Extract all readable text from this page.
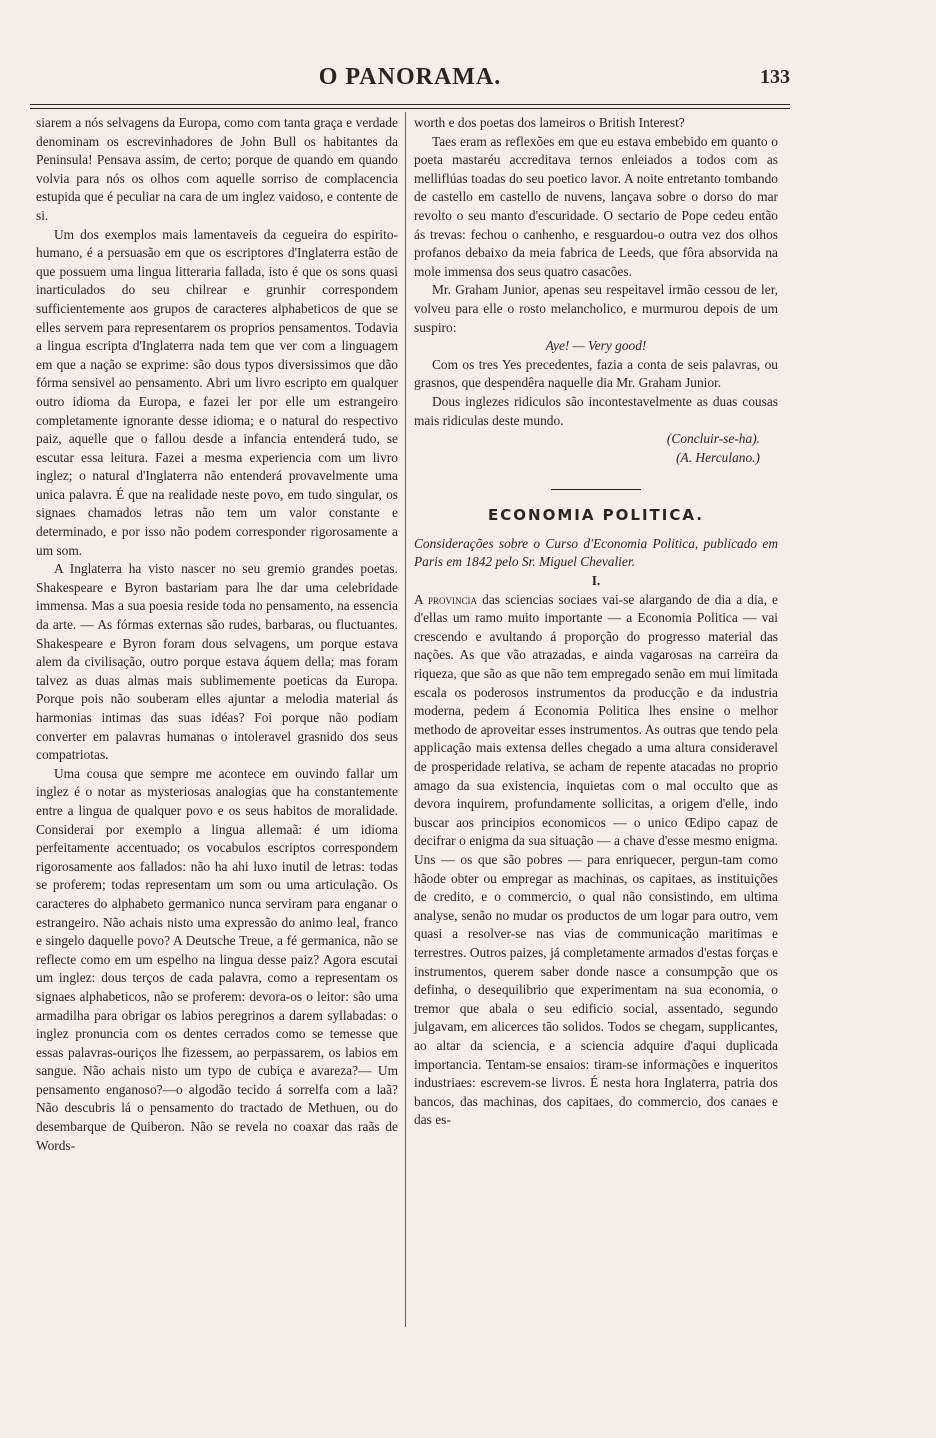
O PANORAMA.	133

siarem a nós selvagens da Europa, como com tanta graça e verdade denominam os escrevinhadores de John Bull os habitantes da Peninsula! Pensava assim, de certo; porque de quando em quando volvia para nós os olhos com aquelle sorriso de complacencia estupida que é peculiar na cara de um inglez vaidoso, e contente de si.

Um dos exemplos mais lamentaveis da cegueira do espirito-humano, é a persuasão em que os escriptores d'Inglaterra estão de que possuem uma lingua litteraria fallada, isto é que os sons quasi inarticulados do seu chilrear e grunhir correspondem sufficientemente aos grupos de caracteres alphabeticos de que se elles servem para representarem os proprios pensamentos. Todavia a lingua escripta d'Inglaterra nada tem que ver com a linguagem em que a nação se exprime: são dous typos diversissimos que dão fórma sensivel ao pensamento. Abri um livro escripto em qualquer outro idioma da Europa, e fazei ler por elle um estrangeiro completamente ignorante desse idioma; e o natural do respectivo paiz, aquelle que o fallou desde a infancia entenderá tudo, se escutar essa leitura. Fazei a mesma experiencia com um livro inglez; o natural d'Inglaterra não entenderá provavelmente uma unica palavra. É que na realidade neste povo, em tudo singular, os signaes chamados letras não tem um valor constante e determinado, e por isso não podem corresponder rigorosamente a um som.

A Inglaterra ha visto nascer no seu gremio grandes poetas. Shakespeare e Byron bastariam para lhe dar uma celebridade immensa. Mas a sua poesia reside toda no pensamento, na essencia da arte. — As fórmas externas são rudes, barbaras, ou fluctuantes. Shakespeare e Byron foram dous selvagens, um porque estava alem da civilisação, outro porque estava áquem della; mas foram talvez as duas almas mais sublimemente poeticas da Europa. Porque pois não souberam elles ajuntar a melodia material ás harmonias intimas das suas idéas? Foi porque não podiam converter em palavras humanas o intoleravel grasnido dos seus compatriotas.

Uma cousa que sempre me acontece em ouvindo fallar um inglez é o notar as mysteriosas analogias que ha constantemente entre a lingua de qualquer povo e os seus habitos de moralidade. Considerai por exemplo a lingua allemaã: é um idioma perfeitamente accentuado; os vocabulos escriptos correspondem rigorosamente aos fallados: não ha ahi luxo inutil de letras: todas se proferem; todas representam um som ou uma articulação. Os caracteres do alphabeto germanico nunca serviram para enganar o estrangeiro. Não achais nisto uma expressão do animo leal, franco e singelo daquelle povo? A Deutsche Treue, a fé germanica, não se reflecte como em um espelho na lingua desse paiz? Agora escutai um inglez: dous terços de cada palavra, como a representam os signaes alphabeticos, não se proferem: devora-os o leitor: são uma armadilha para obrigar os labios peregrinos a darem syllabadas: o inglez pronuncia com os dentes cerrados como se temesse que essas palavras-ouriços lhe fizessem, ao perpassarem, os labios em sangue. Não achais nisto um typo de cubiça e avareza?— Um pensamento enganoso?—o algodão tecido á sorrelfa com a laã? Não descubris lá o pensamento do tractado de Methuen, ou do desembarque de Quiberon. Não se revela no coaxar das raãs de Words-

worth e dos poetas dos lameiros o British Interest?

Taes eram as reflexões em que eu estava embebido em quanto o poeta mastaréu accreditava ternos enleiados a todos com as melliflúas toadas do seu poetico lavor. A noite entretanto tombando de castello em castello de nuvens, lançava sobre o dorso do mar revolto o seu manto d'escuridade. O sectario de Pope cedeu então ás trevas: fechou o canhenho, e resguardou-o outra vez dos olhos profanos debaixo da meia fabrica de Leeds, que fôra absorvida na mole immensa dos seus quatro casacões.

Mr. Graham Junior, apenas seu respeitavel irmão cessou de ler, volveu para elle o rosto melancholico, e murmurou depois de um suspiro:

Aye! — Very good!

Com os tres Yes precedentes, fazia a conta de seis palavras, ou grasnos, que despendêra naquelle dia Mr. Graham Junior.

Dous inglezes ridiculos são incontestavelmente as duas cousas mais ridiculas deste mundo.

(Concluir-se-ha).

(A. Herculano.)

ECONOMIA POLITICA.

Considerações sobre o Curso d'Economia Politica, publicado em Paris em 1842 pelo Sr. Miguel Chevalier.

I.

A provincia das sciencias sociaes vai-se alargando de dia a dia, e d'ellas um ramo muito importante — a Economia Politica — vai crescendo e avultando á proporção do progresso material das nações. As que vão atrazadas, e ainda vagarosas na carreira da riqueza, que são as que não tem empregado senão em mui limitada escala os poderosos instrumentos da producção e da industria moderna, pedem á Economia Politica lhes ensine o melhor methodo de aproveitar esses instrumentos. As outras que tendo pela applicação mais extensa delles chegado a uma altura consideravel de prosperidade relativa, se acham de repente atacadas no proprio amago da sua existencia, inquietas com o mal occulto que as devora inquirem, profundamente sollicitas, a origem d'elle, indo buscar aos principios economicos — o unico Œdipo capaz de decifrar o enigma da sua situação — a chave d'esse mesmo enigma. Uns — os que são pobres — para enriquecer, pergun-tam como hãode obter ou empregar as machinas, os capitaes, as instituições de credito, e o commercio, o qual não consistindo, em ultima analyse, senão no mudar os productos de um logar para outro, vem quasi a resolver-se nas vias de communicação maritimas e terrestres. Outros paizes, já completamente armados d'estas forças e instrumentos, querem saber donde nasce a consumpção que os definha, o desequilibrio que experimentam na sua economia, o tremor que abala o seu edificio social, assentado, segundo julgavam, em alicerces tão solidos. Todos se chegam, supplicantes, ao altar da sciencia, e a sciencia adquire d'aqui duplicada importancia. Tentam-se ensaios: tiram-se informações e inqueritos industriaes: escrevem-se livros. É nesta hora Inglaterra, patria dos bancos, das machinas, dos capitaes, do commercio, dos canaes e das es-
